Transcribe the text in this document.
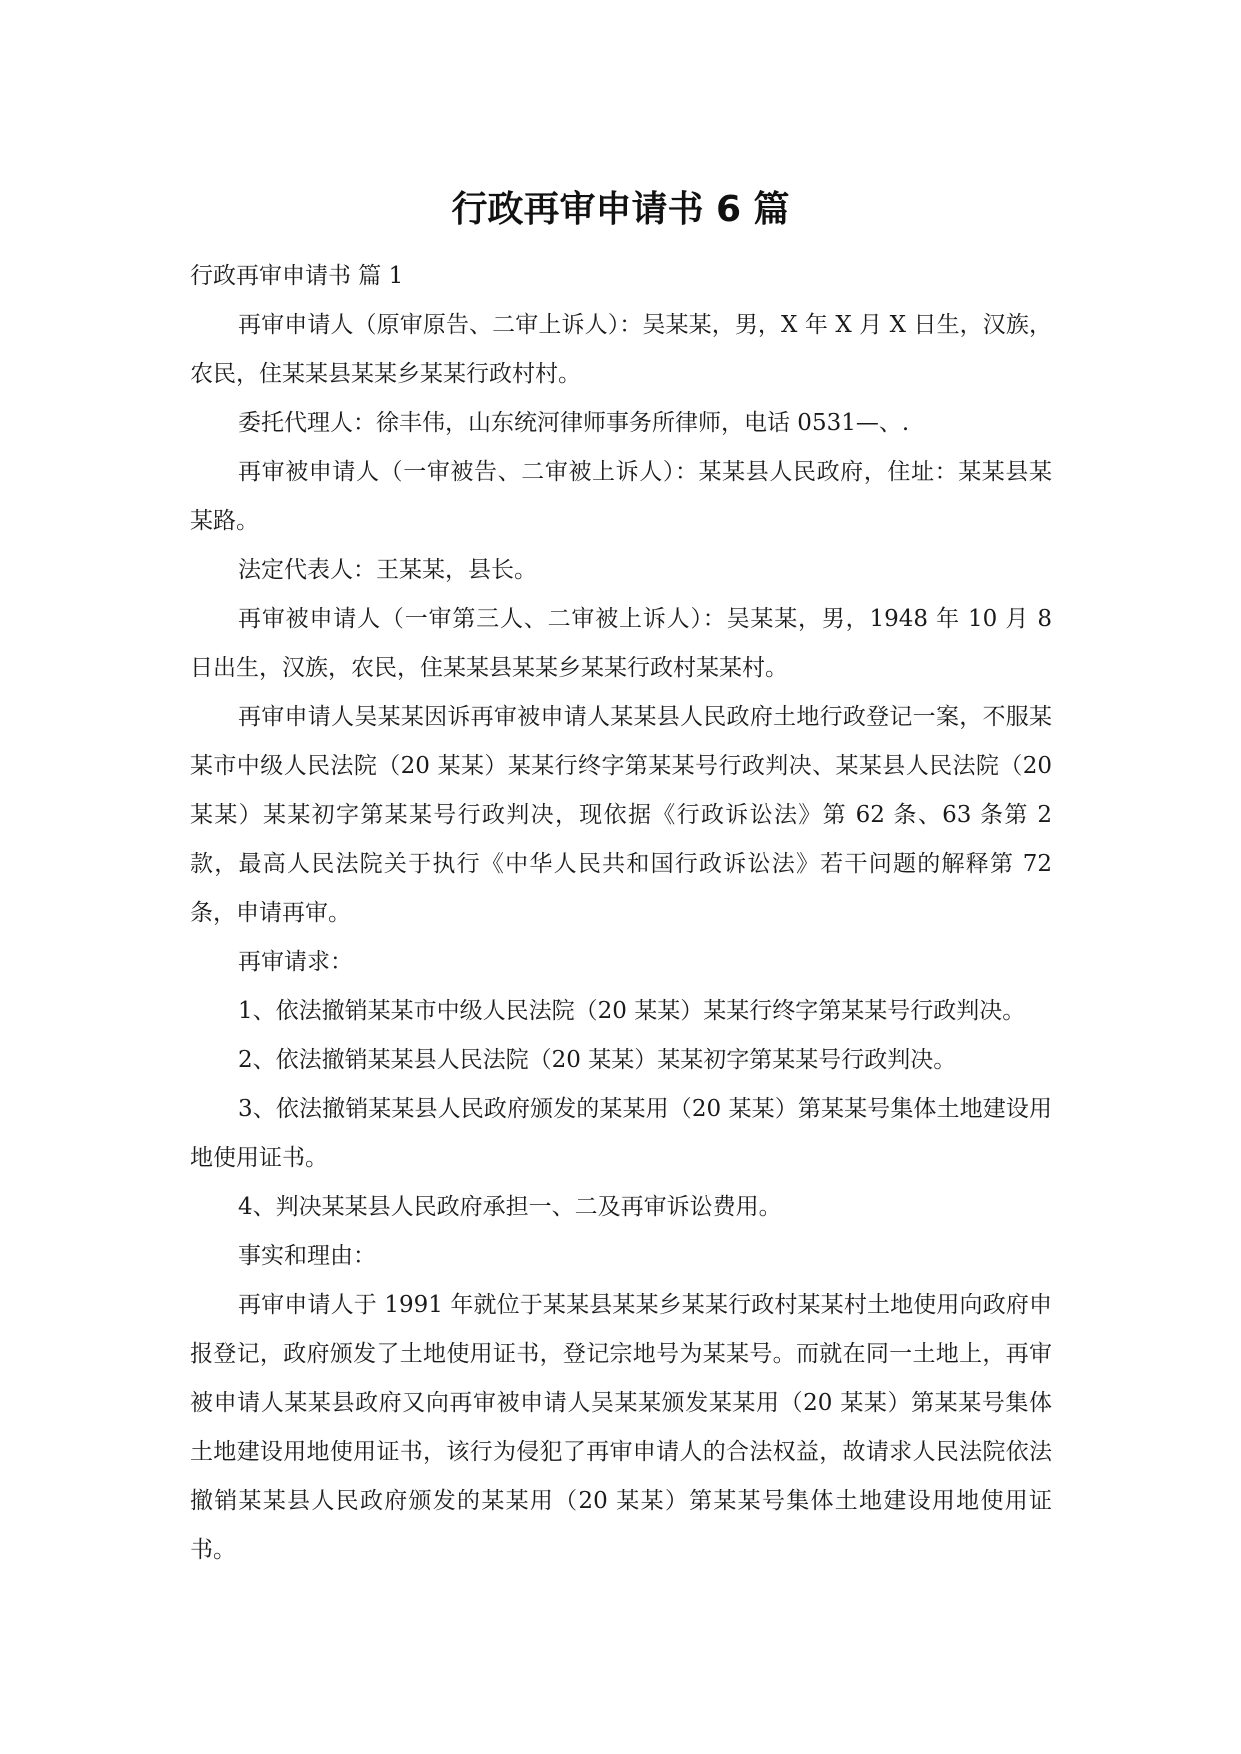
行政再审申请书 6 篇

行政再审申请书 篇 1

再审申请人（原审原告、二审上诉人）：吴某某，男，X 年 X 月 X 日生，汉族，农民，住某某县某某乡某某行政村村。

委托代理人：徐丰伟，山东统河律师事务所律师，电话 0531—、.

再审被申请人（一审被告、二审被上诉人）：某某县人民政府，住址：某某县某某路。

法定代表人：王某某，县长。

再审被申请人（一审第三人、二审被上诉人）：吴某某，男，1948 年 10 月 8 日出生，汉族，农民，住某某县某某乡某某行政村某某村。

再审申请人吴某某因诉再审被申请人某某县人民政府土地行政登记一案，不服某某市中级人民法院（20 某某）某某行终字第某某号行政判决、某某县人民法院（20 某某）某某初字第某某号行政判决，现依据《行政诉讼法》第 62 条、63 条第 2 款，最高人民法院关于执行《中华人民共和国行政诉讼法》若干问题的解释第 72 条，申请再审。

再审请求：

1、依法撤销某某市中级人民法院（20 某某）某某行终字第某某号行政判决。

2、依法撤销某某县人民法院（20 某某）某某初字第某某号行政判决。

3、依法撤销某某县人民政府颁发的某某用（20 某某）第某某号集体土地建设用地使用证书。

4、判决某某县人民政府承担一、二及再审诉讼费用。

事实和理由：

再审申请人于 1991 年就位于某某县某某乡某某行政村某某村土地使用向政府申报登记，政府颁发了土地使用证书，登记宗地号为某某号。而就在同一土地上，再审被申请人某某县政府又向再审被申请人吴某某颁发某某用（20 某某）第某某号集体土地建设用地使用证书，该行为侵犯了再审申请人的合法权益，故请求人民法院依法撤销某某县人民政府颁发的某某用（20 某某）第某某号集体土地建设用地使用证书。
